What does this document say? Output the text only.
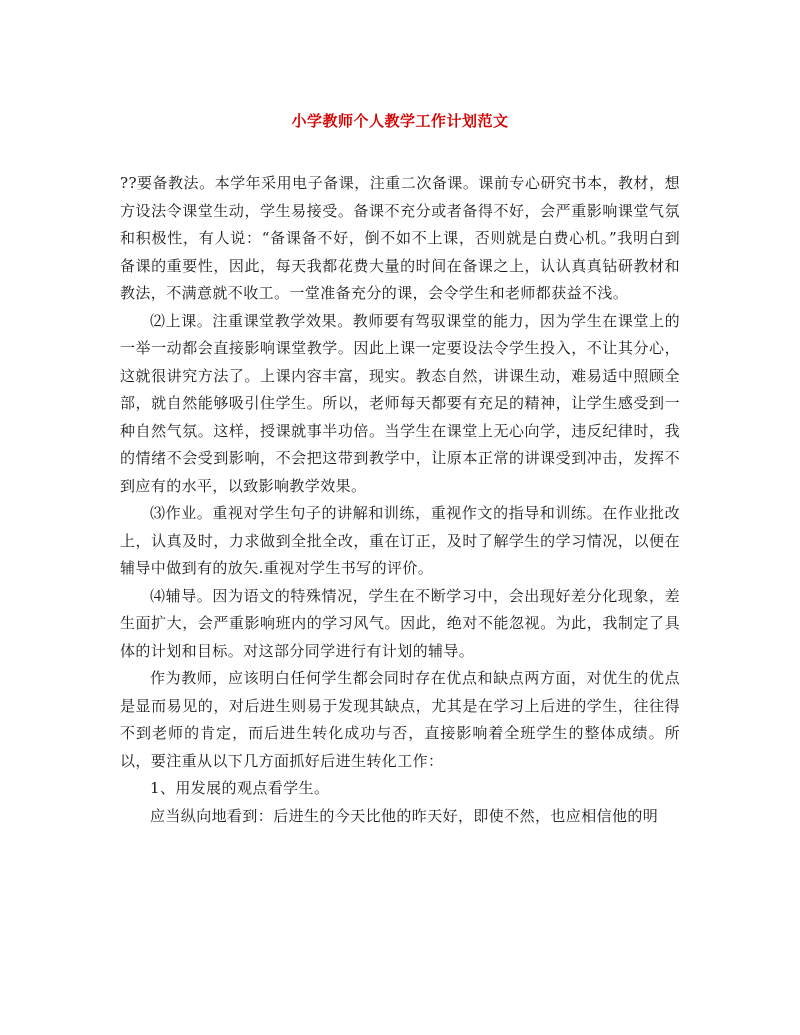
小学教师个人教学工作计划范文

??要备教法。本学年采用电子备课，注重二次备课。课前专心研究书本，教材，想方设法令课堂生动，学生易接受。备课不充分或者备得不好，会严重影响课堂气氛和积极性，有人说：“备课备不好，倒不如不上课，否则就是白费心机。”我明白到备课的重要性，因此，每天我都花费大量的时间在备课之上，认认真真钻研教材和教法，不满意就不收工。一堂准备充分的课，会令学生和老师都获益不浅。

⑵上课。注重课堂教学效果。教师要有驾驭课堂的能力，因为学生在课堂上的一举一动都会直接影响课堂教学。因此上课一定要设法令学生投入，不让其分心，这就很讲究方法了。上课内容丰富，现实。教态自然，讲课生动，难易适中照顾全部，就自然能够吸引住学生。所以，老师每天都要有充足的精神，让学生感受到一种自然气氛。这样，授课就事半功倍。当学生在课堂上无心向学，违反纪律时，我的情绪不会受到影响，不会把这带到教学中，让原本正常的讲课受到冲击，发挥不到应有的水平，以致影响教学效果。

⑶作业。重视对学生句子的讲解和训练，重视作文的指导和训练。在作业批改上，认真及时，力求做到全批全改，重在订正，及时了解学生的学习情况，以便在辅导中做到有的放矢.重视对学生书写的评价。

⑷辅导。因为语文的特殊情况，学生在不断学习中，会出现好差分化现象，差生面扩大，会严重影响班内的学习风气。因此，绝对不能忽视。为此，我制定了具体的计划和目标。对这部分同学进行有计划的辅导。

作为教师，应该明白任何学生都会同时存在优点和缺点两方面，对优生的优点是显而易见的，对后进生则易于发现其缺点，尤其是在学习上后进的学生，往往得不到老师的肯定，而后进生转化成功与否，直接影响着全班学生的整体成绩。所以，要注重从以下几方面抓好后进生转化工作：

1、用发展的观点看学生。

应当纵向地看到：后进生的今天比他的昨天好，即使不然，也应相信他的明
